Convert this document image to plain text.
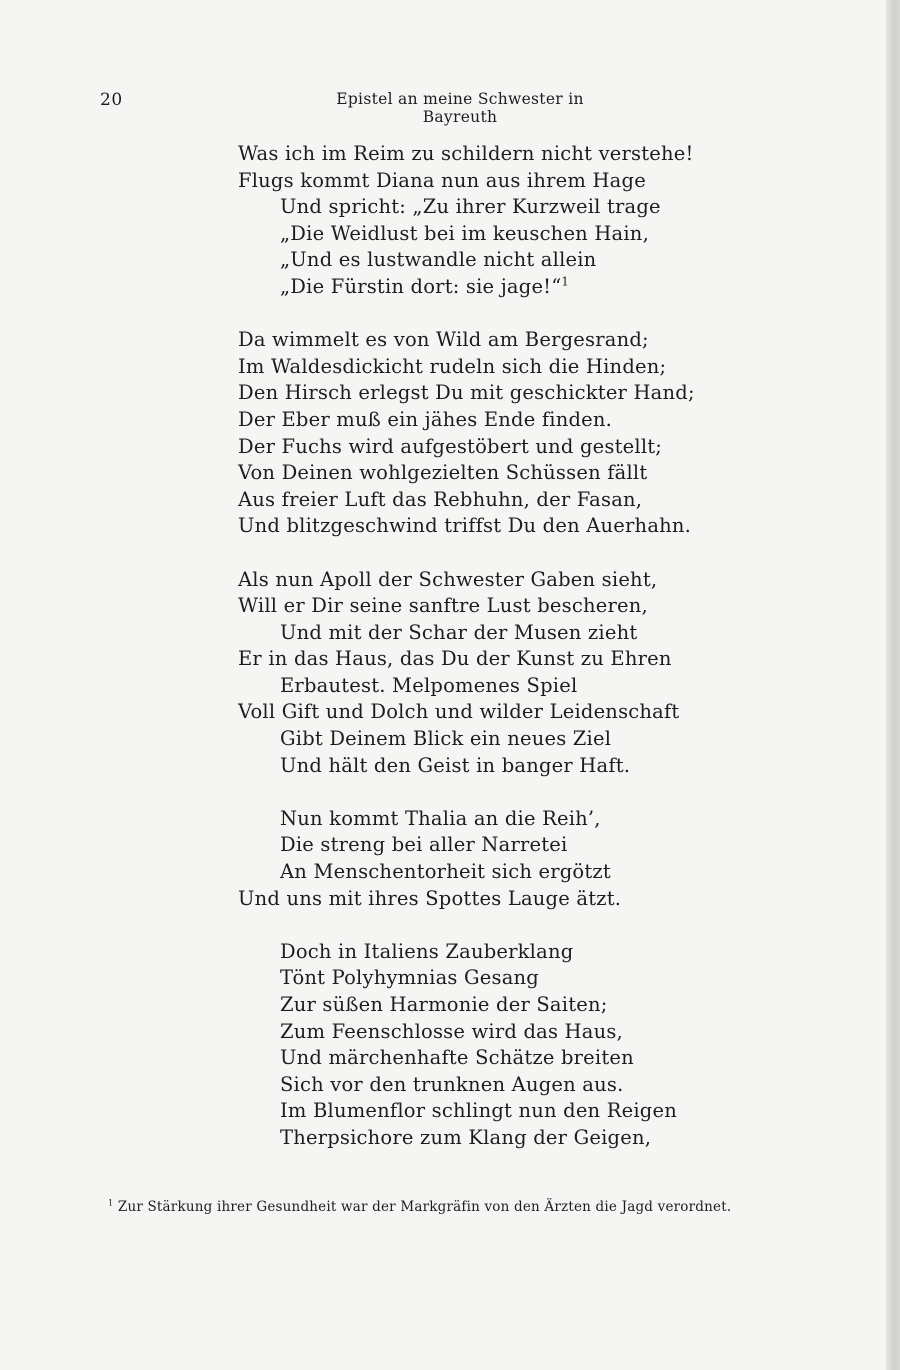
20	Epistel an meine Schwester in Bayreuth
Was ich im Reim zu schildern nicht verstehe!
Flugs kommt Diana nun aus ihrem Hage
Und spricht: „Zu ihrer Kurzweil trage
„Die Weidlust bei im keuschen Hain,
„Und es lustwandle nicht allein
„Die Fürstin dort: sie jage!“$^1$
Da wimmelt es von Wild am Bergesrand;
Im Waldesdickicht rudeln sich die Hinden;
Den Hirsch erlegst Du mit geschickter Hand;
Der Eber muß ein jähes Ende finden.
Der Fuchs wird aufgestöbert und gestellt;
Von Deinen wohlgezielten Schüssen fällt
Aus freier Luft das Rebhuhn, der Fasan,
Und blitzgeschwind triffst Du den Auerhahn.
Als nun Apoll der Schwester Gaben sieht,
Will er Dir seine sanftre Lust bescheren,
Und mit der Schar der Musen zieht
Er in das Haus, das Du der Kunst zu Ehren
Erbautest. Melpomenes Spiel
Voll Gift und Dolch und wilder Leidenschaft
Gibt Deinem Blick ein neues Ziel
Und hält den Geist in banger Haft.
Nun kommt Thalia an die Reih’,
Die streng bei aller Narretei
An Menschentorheit sich ergötzt
Und uns mit ihres Spottes Lauge ätzt.
Doch in Italiens Zauberklang
Tönt Polyhymnias Gesang
Zur süßen Harmonie der Saiten;
Zum Feenschlosse wird das Haus,
Und märchenhafte Schätze breiten
Sich vor den trunknen Augen aus.
Im Blumenflor schlingt nun den Reigen
Therpsichore zum Klang der Geigen,
$^1$ Zur Stärkung ihrer Gesundheit war der Markgräfin von den Ärzten die Jagd verordnet.
